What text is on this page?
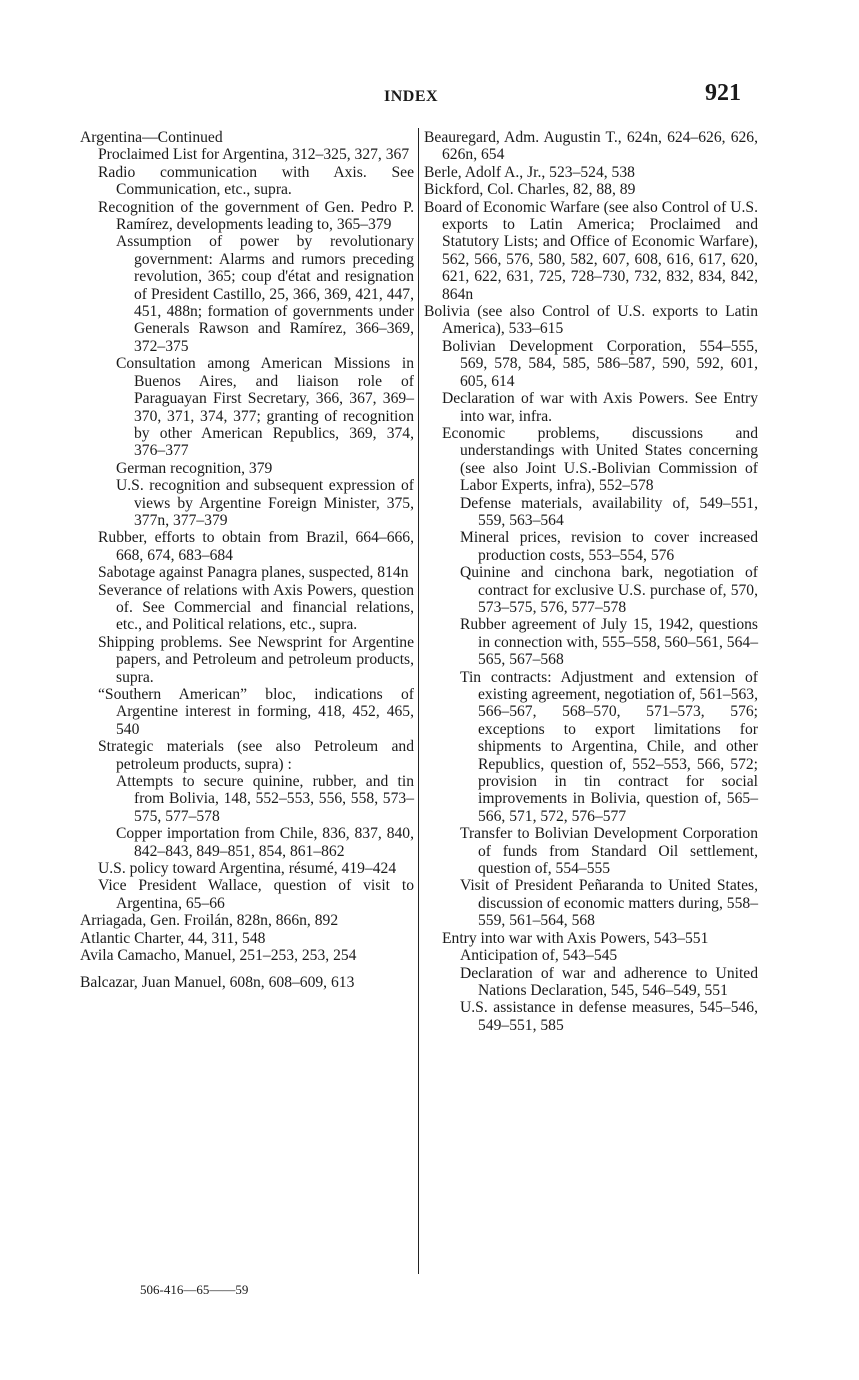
INDEX	921
Argentina—Continued
Proclaimed List for Argentina, 312–325, 327, 367
Radio communication with Axis. See Communication, etc., supra.
Recognition of the government of Gen. Pedro P. Ramírez, developments leading to, 365–379
Assumption of power by revolutionary government: Alarms and rumors preceding revolution, 365; coup d'état and resignation of President Castillo, 25, 366, 369, 421, 447, 451, 488n; formation of governments under Generals Rawson and Ramírez, 366–369, 372–375
Consultation among American Missions in Buenos Aires, and liaison role of Paraguayan First Secretary, 366, 367, 369–370, 371, 374, 377; granting of recognition by other American Republics, 369, 374, 376–377
German recognition, 379
U.S. recognition and subsequent expression of views by Argentine Foreign Minister, 375, 377n, 377–379
Rubber, efforts to obtain from Brazil, 664–666, 668, 674, 683–684
Sabotage against Panagra planes, suspected, 814n
Severance of relations with Axis Powers, question of. See Commercial and financial relations, etc., and Political relations, etc., supra.
Shipping problems. See Newsprint for Argentine papers, and Petroleum and petroleum products, supra.
“Southern American” bloc, indications of Argentine interest in forming, 418, 452, 465, 540
Strategic materials (see also Petroleum and petroleum products, supra) :
Attempts to secure quinine, rubber, and tin from Bolivia, 148, 552–553, 556, 558, 573–575, 577–578
Copper importation from Chile, 836, 837, 840, 842–843, 849–851, 854, 861–862
U.S. policy toward Argentina, résumé, 419–424
Vice President Wallace, question of visit to Argentina, 65–66
Arriagada, Gen. Froilán, 828n, 866n, 892
Atlantic Charter, 44, 311, 548
Avila Camacho, Manuel, 251–253, 253, 254
Balcazar, Juan Manuel, 608n, 608–609, 613
Beauregard, Adm. Augustin T., 624n, 624–626, 626, 626n, 654
Berle, Adolf A., Jr., 523–524, 538
Bickford, Col. Charles, 82, 88, 89
Board of Economic Warfare (see also Control of U.S. exports to Latin America; Proclaimed and Statutory Lists; and Office of Economic Warfare), 562, 566, 576, 580, 582, 607, 608, 616, 617, 620, 621, 622, 631, 725, 728–730, 732, 832, 834, 842, 864n
Bolivia (see also Control of U.S. exports to Latin America), 533–615
Bolivian Development Corporation, 554–555, 569, 578, 584, 585, 586–587, 590, 592, 601, 605, 614
Declaration of war with Axis Powers. See Entry into war, infra.
Economic problems, discussions and understandings with United States concerning (see also Joint U.S.-Bolivian Commission of Labor Experts, infra), 552–578
Defense materials, availability of, 549–551, 559, 563–564
Mineral prices, revision to cover increased production costs, 553–554, 576
Quinine and cinchona bark, negotiation of contract for exclusive U.S. purchase of, 570, 573–575, 576, 577–578
Rubber agreement of July 15, 1942, questions in connection with, 555–558, 560–561, 564–565, 567–568
Tin contracts: Adjustment and extension of existing agreement, negotiation of, 561–563, 566–567, 568–570, 571–573, 576; exceptions to export limitations for shipments to Argentina, Chile, and other Republics, question of, 552–553, 566, 572; provision in tin contract for social improvements in Bolivia, question of, 565–566, 571, 572, 576–577
Transfer to Bolivian Development Corporation of funds from Standard Oil settlement, question of, 554–555
Visit of President Peñaranda to United States, discussion of economic matters during, 558–559, 561–564, 568
Entry into war with Axis Powers, 543–551
Anticipation of, 543–545
Declaration of war and adherence to United Nations Declaration, 545, 546–549, 551
U.S. assistance in defense measures, 545–546, 549–551, 585
506-416—65——59
